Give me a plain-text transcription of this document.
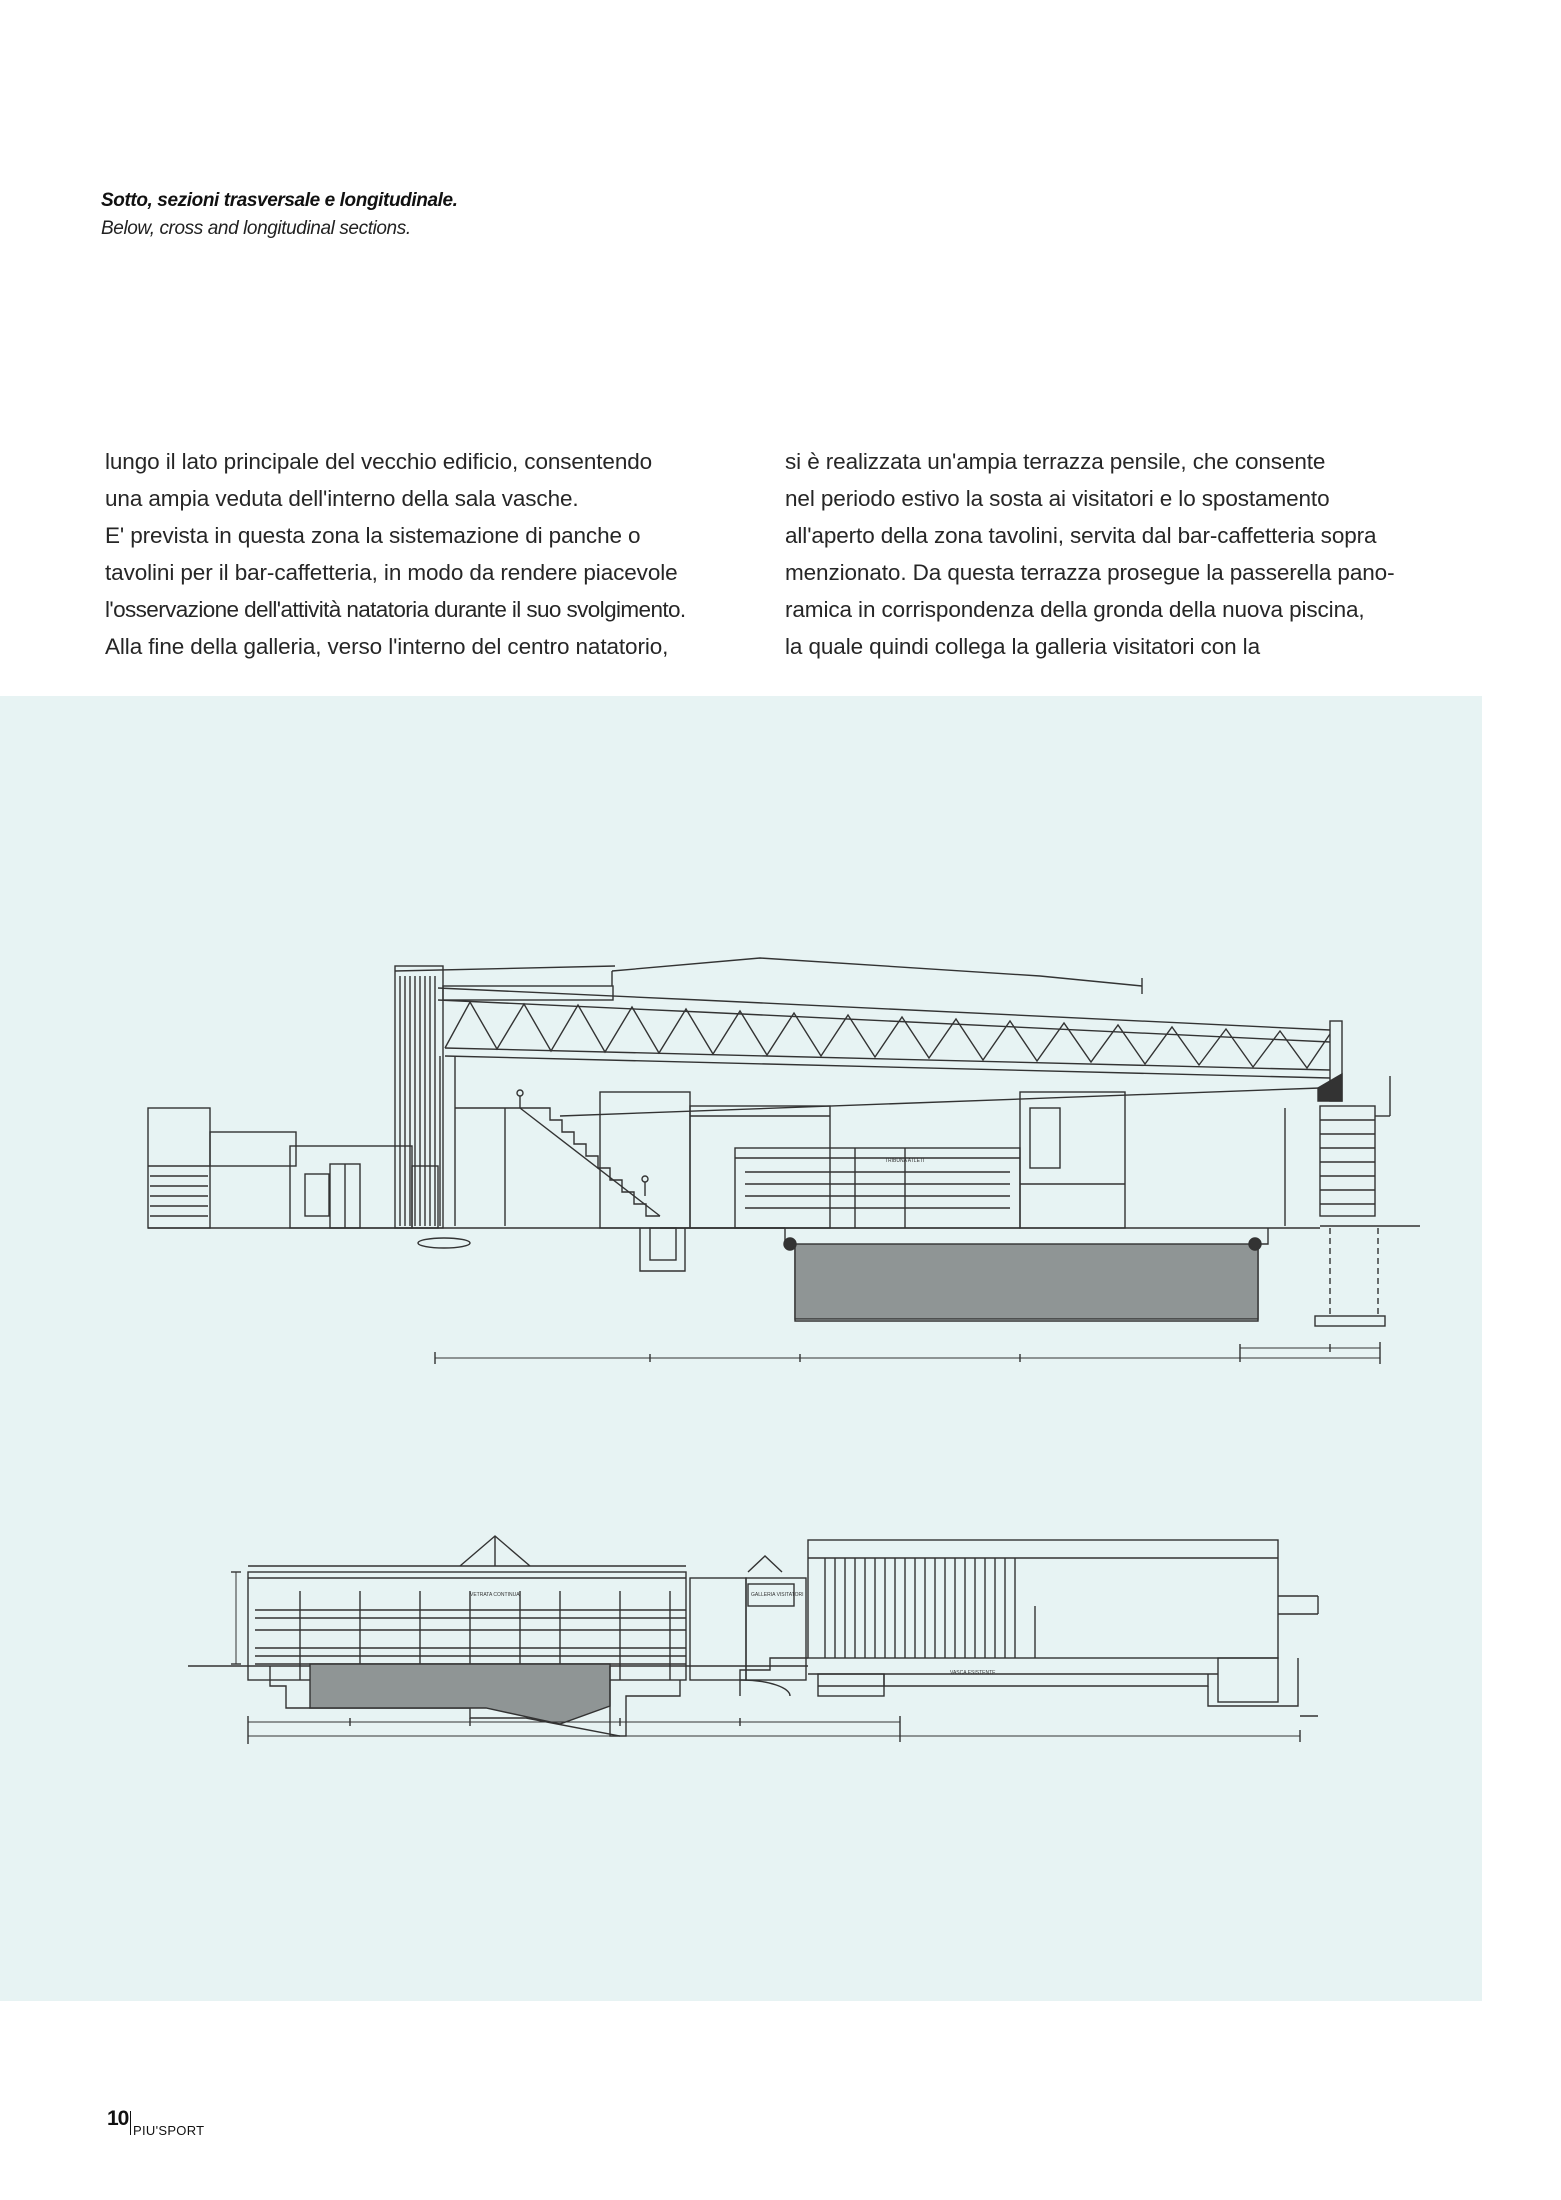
Sotto, sezioni trasversale e longitudinale.

Below, cross and longitudinal sections.

lungo il lato principale del vecchio edificio, consentendo
una ampia veduta dell'interno della sala vasche.
E' prevista in questa zona la sistemazione di panche o
tavolini per il bar-caffetteria, in modo da rendere piacevole
l'osservazione dell'attività natatoria durante il suo svolgimento.
Alla fine della galleria, verso l'interno del centro natatorio,
si è realizzata un'ampia terrazza pensile, che consente
nel periodo estivo la sosta ai visitatori e lo spostamento
all'aperto della zona tavolini, servita dal bar-caffetteria sopra
menzionato. Da questa terrazza prosegue la passerella pano-
ramica in corrispondenza della gronda della nuova piscina,
la quale quindi collega la galleria visitatori con la
TRIBUNA ATLETI
VETRATA CONTINUA	GALLERIA VISITATORI
VASCA ESISTENTE
10
PIU'SPORT
